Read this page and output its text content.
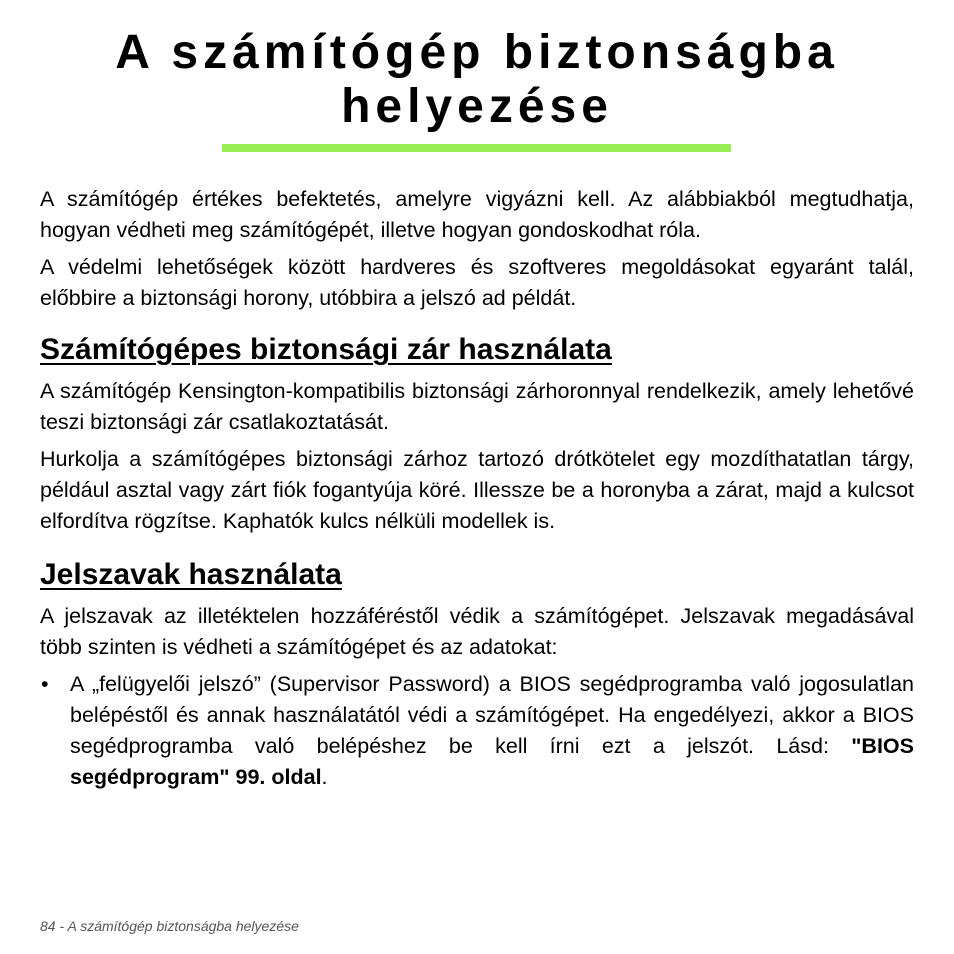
A számítógép biztonságba
helyezése

A számítógép értékes befektetés, amelyre vigyázni kell. Az alábbiakból megtudhatja, hogyan védheti meg számítógépét, illetve hogyan gondoskodhat róla.

A védelmi lehetőségek között hardveres és szoftveres megoldásokat egyaránt talál, előbbire a biztonsági horony, utóbbira a jelszó ad példát.

Számítógépes biztonsági zár használata

A számítógép Kensington-kompatibilis biztonsági zárhoronnyal rendelkezik, amely lehetővé teszi biztonsági zár csatlakoztatását.

Hurkolja a számítógépes biztonsági zárhoz tartozó drótkötelet egy mozdíthatatlan tárgy, például asztal vagy zárt fiók fogantyúja köré. Illessze be a horonyba a zárat, majd a kulcsot elfordítva rögzítse. Kaphatók kulcs nélküli modellek is.

Jelszavak használata

A jelszavak az illetéktelen hozzáféréstől védik a számítógépet. Jelszavak megadásával több szinten is védheti a számítógépet és az adatokat:

• A „felügyelői jelszó” (Supervisor Password) a BIOS segédprogramba való jogosulatlan belépéstől és annak használatától védi a számítógépet. Ha engedélyezi, akkor a BIOS segédprogramba való belépéshez be kell írni ezt a jelszót. Lásd: "BIOS segédprogram" 99. oldal.
84 - A számítógép biztonságba helyezése
